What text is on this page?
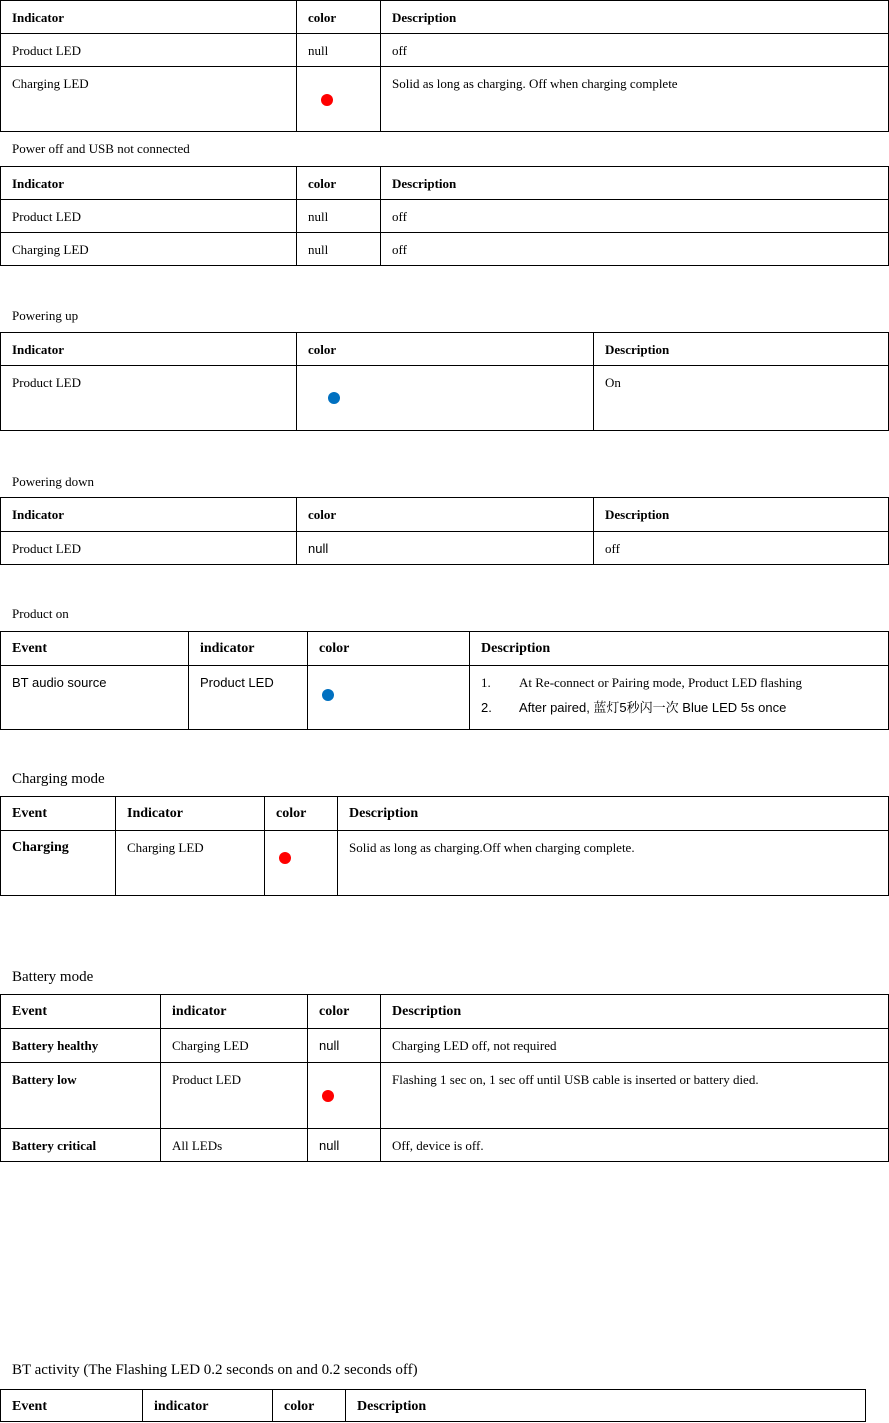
Indicator	color	Description
Product LED	null	off
Charging LED		Solid as long as charging. Off when charging complete
Power off and USB not connected
Indicator	color	Description
Product LED	null	off
Charging LED	null	off
Powering up
Indicator	color	Description
Product LED		On
Powering down
Indicator	color	Description
Product LED	null	off
Product on
Event	indicator	color	Description
BT audio source	Product LED		1. At Re-connect or Pairing mode, Product LED flashing
2. After paired, 蓝灯5秒闪一次 Blue LED 5s once
Charging mode
Event	Indicator	color	Description
Charging	Charging LED		Solid as long as charging.Off when charging complete.
Battery mode
Event	indicator	color	Description
Battery healthy	Charging LED	null	Charging LED off, not required
Battery low	Product LED		Flashing 1 sec on, 1 sec off until USB cable is inserted or battery died.
Battery critical	All LEDs	null	Off, device is off.
BT activity (The Flashing LED 0.2 seconds on and 0.2 seconds off)
Event	indicator	color	Description
